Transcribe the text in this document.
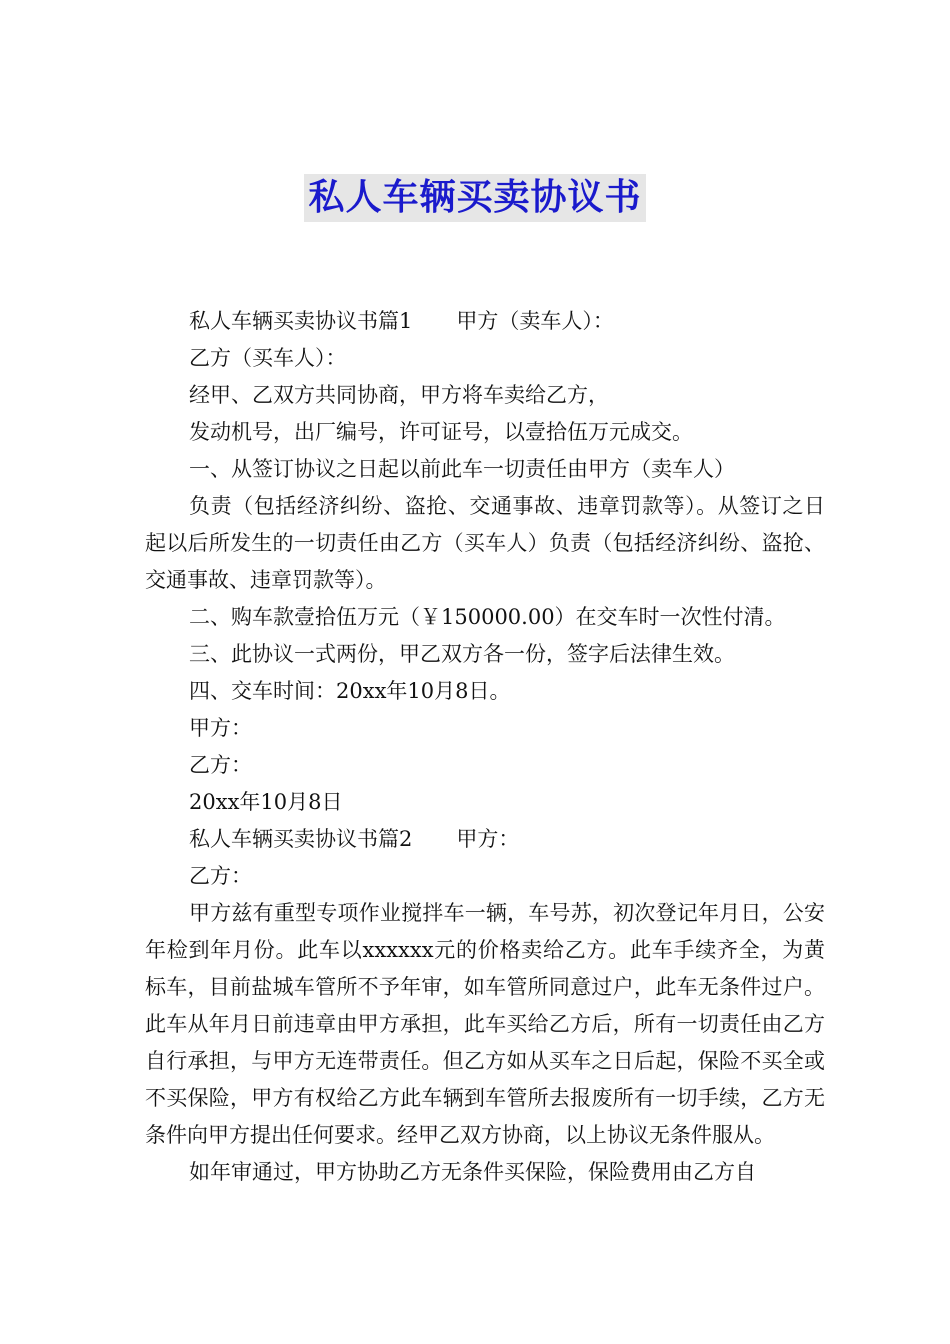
私人车辆买卖协议书

私人车辆买卖协议书篇1 甲方（卖车人）：

乙方（买车人）：

经甲、乙双方共同协商，甲方将车卖给乙方，

发动机号，出厂编号，许可证号，以壹拾伍万元成交。

一、从签订协议之日起以前此车一切责任由甲方（卖车人）

负责（包括经济纠纷、盗抢、交通事故、违章罚款等）。从签订之日起以后所发生的一切责任由乙方（买车人）负责（包括经济纠纷、盗抢、交通事故、违章罚款等）。

二、购车款壹拾伍万元（￥150000.00）在交车时一次性付清。

三、此协议一式两份，甲乙双方各一份，签字后法律生效。

四、交车时间：20xx年10月8日。

甲方：

乙方：

20xx年10月8日

私人车辆买卖协议书篇2 甲方：

乙方：

甲方兹有重型专项作业搅拌车一辆，车号苏，初次登记年月日，公安年检到年月份。此车以xxxxxx元的价格卖给乙方。此车手续齐全，为黄标车，目前盐城车管所不予年审，如车管所同意过户，此车无条件过户。此车从年月日前违章由甲方承担，此车买给乙方后，所有一切责任由乙方自行承担，与甲方无连带责任。但乙方如从买车之日后起，保险不买全或不买保险，甲方有权给乙方此车辆到车管所去报废所有一切手续，乙方无条件向甲方提出任何要求。经甲乙双方协商，以上协议无条件服从。

如年审通过，甲方协助乙方无条件买保险，保险费用由乙方自
